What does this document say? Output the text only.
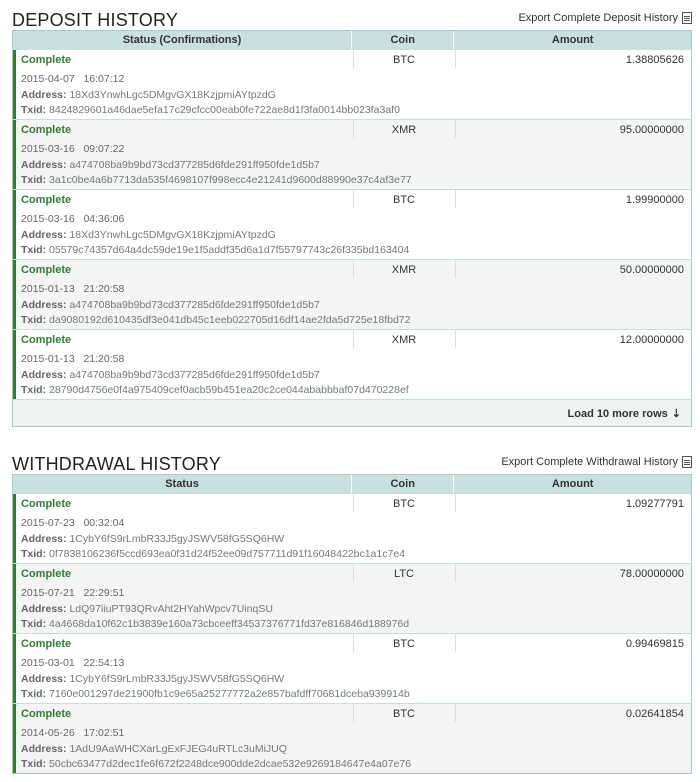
DEPOSIT HISTORY	Export Complete Deposit History
Status (Confirmations)	Coin	Amount
Complete	BTC	1.38805626
2015-04-07   16:07:12
Address: 18Xd3YnwhLgc5DMgvGX18KzjpmiAYtpzdG
Txid: 8424829601a46dae5efa17c29cfcc00eab0fe722ae8d1f3fa0014bb023fa3af0
Complete	XMR	95.00000000
2015-03-16   09:07:22
Address: a474708ba9b9bd73cd377285d6fde291ff950fde1d5b7
Txid: 3a1c0be4a6b7713da535f4698107f998ecc4e21241d9600d88990e37c4af3e77
Complete	BTC	1.99900000
2015-03-16   04:36:06
Address: 18Xd3YnwhLgc5DMgvGX18KzjpmiAYtpzdG
Txid: 05579c74357d64a4dc59de19e1f5addf35d6a1d7f55797743c26f335bd163404
Complete	XMR	50.00000000
2015-01-13   21:20:58
Address: a474708ba9b9bd73cd377285d6fde291ff950fde1d5b7
Txid: da9080192d610435df3e041db45c1eeb022705d16df14ae2fda5d725e18fbd72
Complete	XMR	12.00000000
2015-01-13   21:20:58
Address: a474708ba9b9bd73cd377285d6fde291ff950fde1d5b7
Txid: 28790d4756e0f4a975409cef0acb59b451ea20c2ce044ababbbaf07d470228ef
Load 10 more rows ⇣
WITHDRAWAL HISTORY	Export Complete Withdrawal History
Status	Coin	Amount
Complete	BTC	1.09277791
2015-07-23   00:32:04
Address: 1CybY6fS9rLmbR33J5gyJSWV58fG5SQ6HW
Txid: 0f7838106236f5ccd693ea0f31d24f52ee09d757711d91f16048422bc1a1c7e4
Complete	LTC	78.00000000
2015-07-21   22:29:51
Address: LdQ97iiuPT93QRvAht2HYahWpcv7UinqSU
Txid: 4a4668da10f62c1b3839e160a73cbceeff34537376771fd37e816846d188976d
Complete	BTC	0.99469815
2015-03-01   22:54:13
Address: 1CybY6fS9rLmbR33J5gyJSWV58fG5SQ6HW
Txid: 7160e001297de21900fb1c9e65a25277772a2e857bafdff70681dceba939914b
Complete	BTC	0.02641854
2014-05-26   17:02:51
Address: 1AdU9AaWHCXarLgExFJEG4uRTLc3uMiJUQ
Txid: 50cbc63477d2dec1fe6f672f2248dce900dde2dcae532e9269184647e4a07e76
